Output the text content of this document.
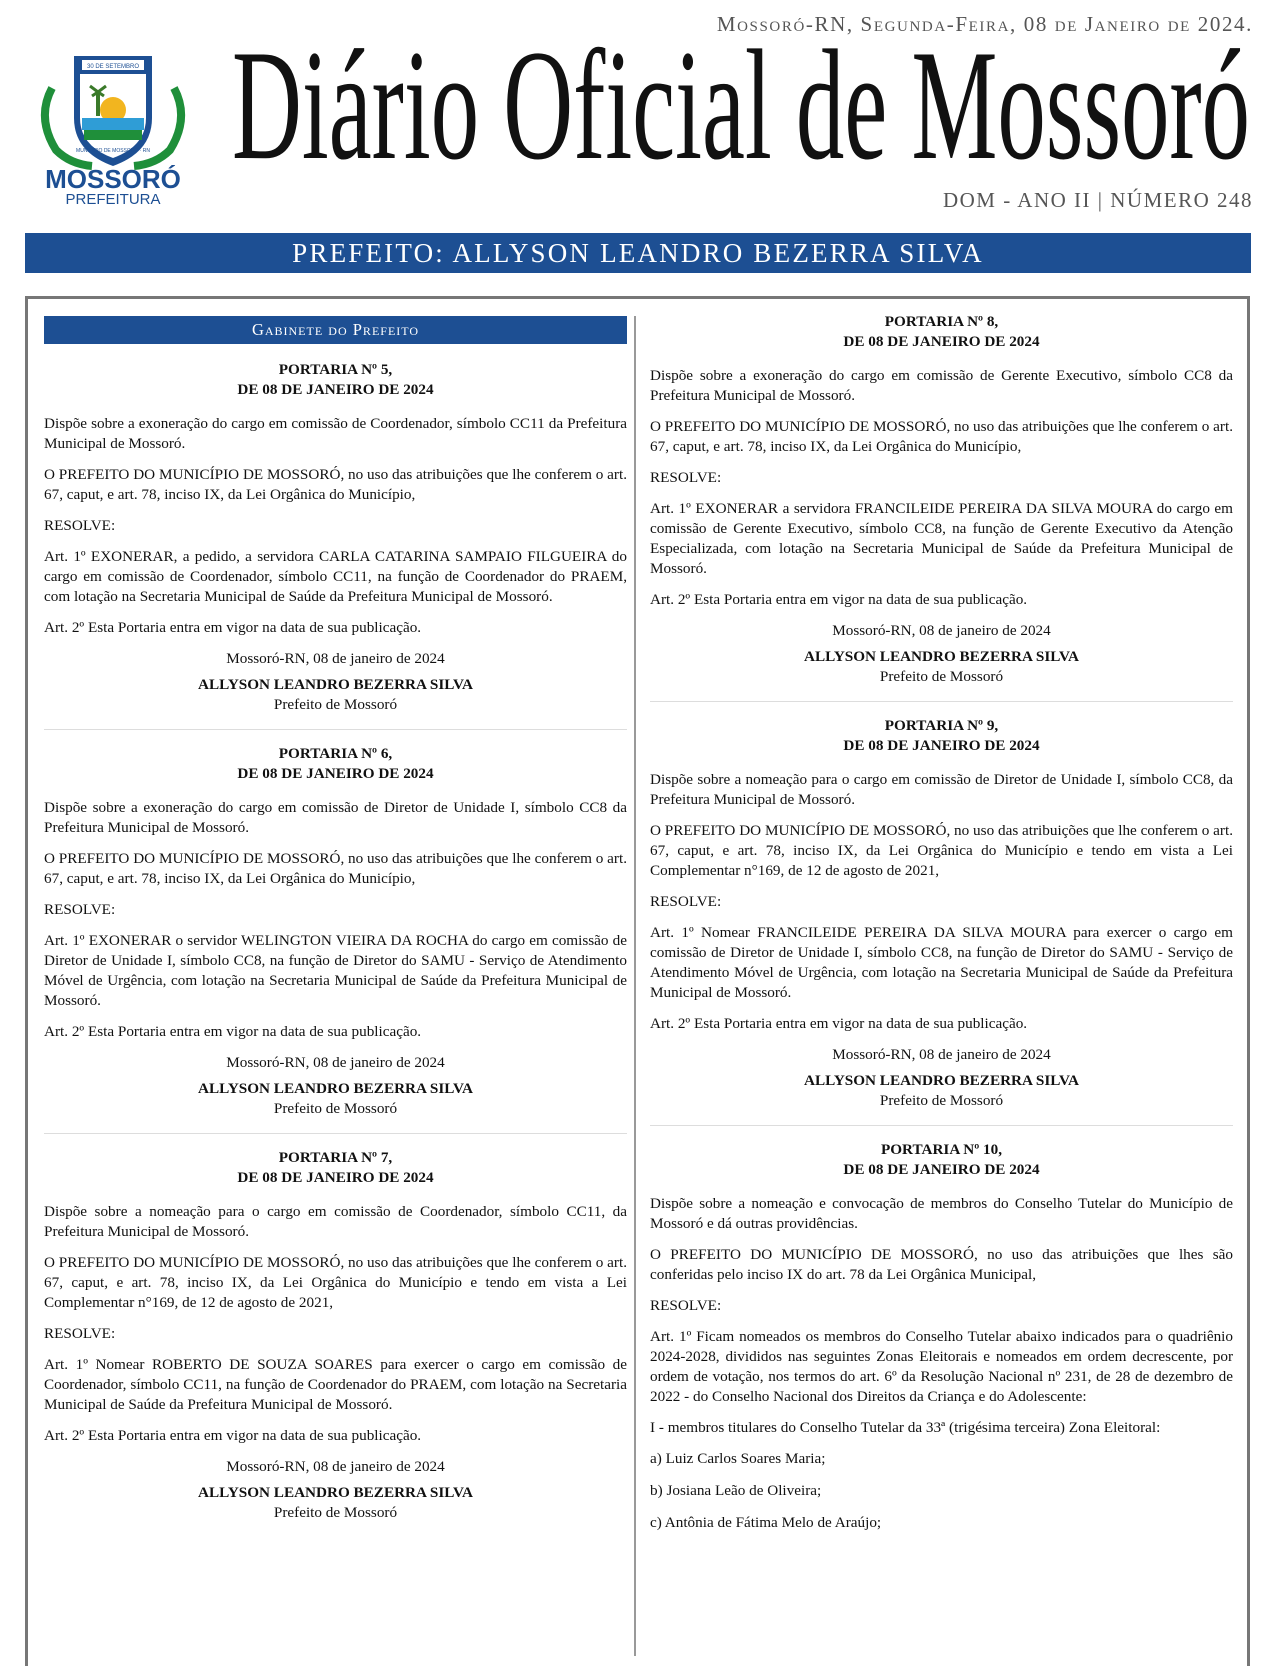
30 DE SETEMBRO
MUNICÍPIO DE MOSSORÓ · RN
MOSSORÓ
PREFEITURA
Mossoró-RN, Segunda-Feira, 08 de Janeiro de 2024.
Diário Oficial de Mossoró
DOM - ANO II | NÚMERO 248
PREFEITO: ALLYSON LEANDRO BEZERRA SILVA
Gabinete do Prefeito
PORTARIA Nº 5,
DE 08 DE JANEIRO DE 2024

Dispõe sobre a exoneração do cargo em comissão de Coordenador, símbolo CC11 da Prefeitura Municipal de Mossoró.

O PREFEITO DO MUNICÍPIO DE MOSSORÓ, no uso das atribuições que lhe conferem o art. 67, caput, e art. 78, inciso IX, da Lei Orgânica do Município,

RESOLVE:

Art. 1º EXONERAR, a pedido, a servidora CARLA CATARINA SAMPAIO FILGUEIRA do cargo em comissão de Coordenador, símbolo CC11, na função de Coordenador do PRAEM, com lotação na Secretaria Municipal de Saúde da Prefeitura Municipal de Mossoró.

Art. 2º Esta Portaria entra em vigor na data de sua publicação.

Mossoró-RN, 08 de janeiro de 2024
ALLYSON LEANDRO BEZERRA SILVA
Prefeito de Mossoró
PORTARIA Nº 6,
DE 08 DE JANEIRO DE 2024

Dispõe sobre a exoneração do cargo em comissão de Diretor de Unidade I, símbolo CC8 da Prefeitura Municipal de Mossoró.

O PREFEITO DO MUNICÍPIO DE MOSSORÓ, no uso das atribuições que lhe conferem o art. 67, caput, e art. 78, inciso IX, da Lei Orgânica do Município,

RESOLVE:

Art. 1º EXONERAR o servidor WELINGTON VIEIRA DA ROCHA do cargo em comissão de Diretor de Unidade I, símbolo CC8, na função de Diretor do SAMU - Serviço de Atendimento Móvel de Urgência, com lotação na Secretaria Municipal de Saúde da Prefeitura Municipal de Mossoró.

Art. 2º Esta Portaria entra em vigor na data de sua publicação.

Mossoró-RN, 08 de janeiro de 2024
ALLYSON LEANDRO BEZERRA SILVA
Prefeito de Mossoró
PORTARIA Nº 7,
DE 08 DE JANEIRO DE 2024

Dispõe sobre a nomeação para o cargo em comissão de Coordenador, símbolo CC11, da Prefeitura Municipal de Mossoró.

O PREFEITO DO MUNICÍPIO DE MOSSORÓ, no uso das atribuições que lhe conferem o art. 67, caput, e art. 78, inciso IX, da Lei Orgânica do Município e tendo em vista a Lei Complementar n°169, de 12 de agosto de 2021,

RESOLVE:

Art. 1º Nomear ROBERTO DE SOUZA SOARES para exercer o cargo em comissão de Coordenador, símbolo CC11, na função de Coordenador do PRAEM, com lotação na Secretaria Municipal de Saúde da Prefeitura Municipal de Mossoró.

Art. 2º Esta Portaria entra em vigor na data de sua publicação.

Mossoró-RN, 08 de janeiro de 2024
ALLYSON LEANDRO BEZERRA SILVA
Prefeito de Mossoró
PORTARIA Nº 8,
DE 08 DE JANEIRO DE 2024

Dispõe sobre a exoneração do cargo em comissão de Gerente Executivo, símbolo CC8 da Prefeitura Municipal de Mossoró.

O PREFEITO DO MUNICÍPIO DE MOSSORÓ, no uso das atribuições que lhe conferem o art. 67, caput, e art. 78, inciso IX, da Lei Orgânica do Município,

RESOLVE:

Art. 1º EXONERAR a servidora FRANCILEIDE PEREIRA DA SILVA MOURA do cargo em comissão de Gerente Executivo, símbolo CC8, na função de Gerente Executivo da Atenção Especializada, com lotação na Secretaria Municipal de Saúde da Prefeitura Municipal de Mossoró.

Art. 2º Esta Portaria entra em vigor na data de sua publicação.

Mossoró-RN, 08 de janeiro de 2024
ALLYSON LEANDRO BEZERRA SILVA
Prefeito de Mossoró
PORTARIA Nº 9,
DE 08 DE JANEIRO DE 2024

Dispõe sobre a nomeação para o cargo em comissão de Diretor de Unidade I, símbolo CC8, da Prefeitura Municipal de Mossoró.

O PREFEITO DO MUNICÍPIO DE MOSSORÓ, no uso das atribuições que lhe conferem o art. 67, caput, e art. 78, inciso IX, da Lei Orgânica do Município e tendo em vista a Lei Complementar n°169, de 12 de agosto de 2021,

RESOLVE:

Art. 1º Nomear FRANCILEIDE PEREIRA DA SILVA MOURA para exercer o cargo em comissão de Diretor de Unidade I, símbolo CC8, na função de Diretor do SAMU - Serviço de Atendimento Móvel de Urgência, com lotação na Secretaria Municipal de Saúde da Prefeitura Municipal de Mossoró.

Art. 2º Esta Portaria entra em vigor na data de sua publicação.

Mossoró-RN, 08 de janeiro de 2024
ALLYSON LEANDRO BEZERRA SILVA
Prefeito de Mossoró
PORTARIA Nº 10,
DE 08 DE JANEIRO DE 2024

Dispõe sobre a nomeação e convocação de membros do Conselho Tutelar do Município de Mossoró e dá outras providências.

O PREFEITO DO MUNICÍPIO DE MOSSORÓ, no uso das atribuições que lhes são conferidas pelo inciso IX do art. 78 da Lei Orgânica Municipal,

RESOLVE:

Art. 1º Ficam nomeados os membros do Conselho Tutelar abaixo indicados para o quadriênio 2024-2028, divididos nas seguintes Zonas Eleitorais e nomeados em ordem decrescente, por ordem de votação, nos termos do art. 6º da Resolução Nacional nº 231, de 28 de dezembro de 2022 - do Conselho Nacional dos Direitos da Criança e do Adolescente:

I - membros titulares do Conselho Tutelar da 33ª (trigésima terceira) Zona Eleitoral:

a) Luiz Carlos Soares Maria;

b) Josiana Leão de Oliveira;

c) Antônia de Fátima Melo de Araújo;
